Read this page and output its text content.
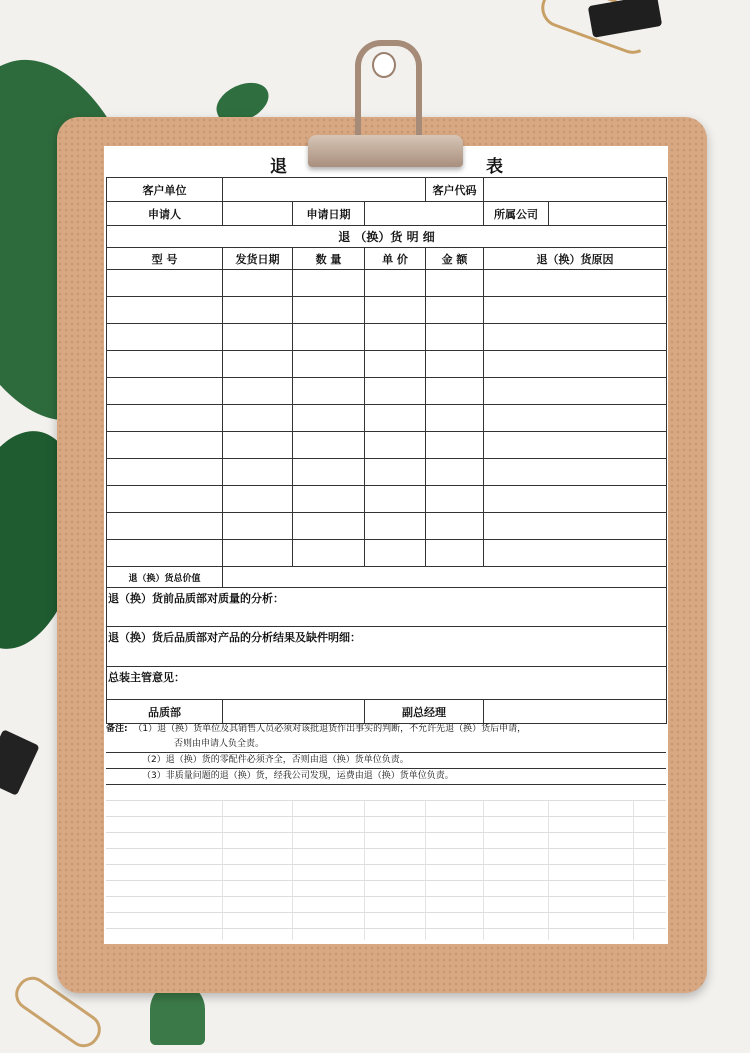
退	表
客户单位				客户代码		
申请人		申请日期			所属公司	
退 （换）货 明 细						
型 号	发货日期	数 量	单 价	金 额	退（换）货原因	

退（换）货总价值						
退（换）货前品质部对质量的分析：						
退（换）货后品质部对产品的分析结果及缺件明细：						
总装主管意见：						
品质部			副总经理			
备注: （1）退（换）货单位及其销售人员必须对该批退货作出事实的判断，不允许先退（换）货后申请，
否则由申请人负全责。
（2）退（换）货的零配件必须齐全，否则由退（换）货单位负责。
（3）非质量问题的退（换）货，经我公司发现，运费由退（换）货单位负责。
